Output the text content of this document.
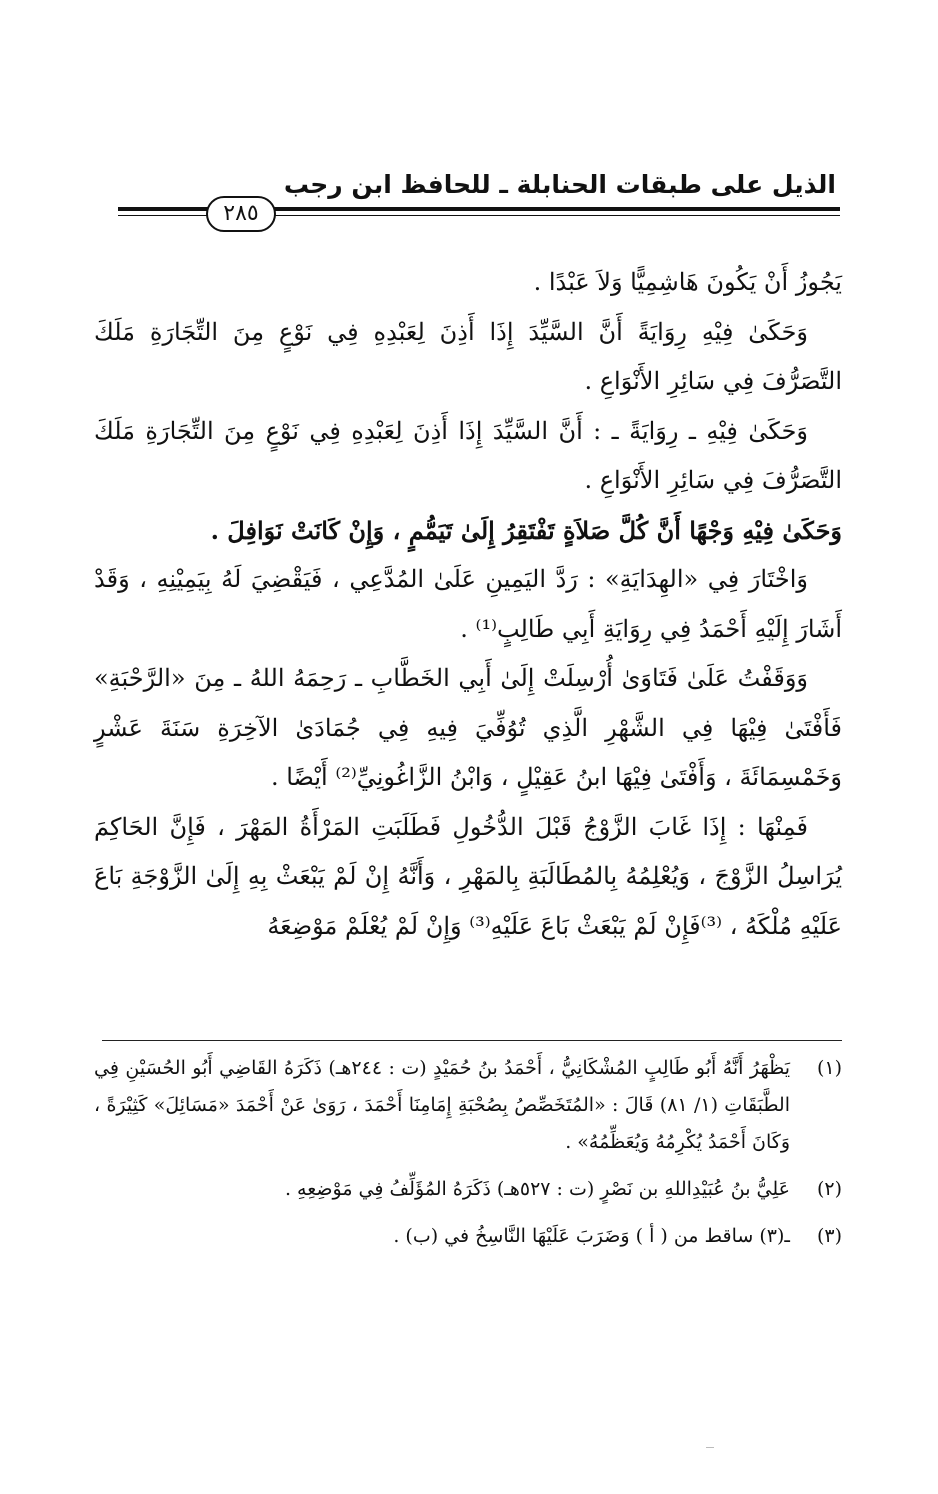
الذيل على طبقات الحنابلة ـ للحافظ ابن رجب
٢٨٥

يَجُوزُ أَنْ يَكُونَ هَاشِمِيًّا وَلاَ عَبْدًا .

وَحَكَىٰ فِيْهِ رِوَايَةً أَنَّ السَّيِّدَ إِذَا أَذِنَ لِعَبْدِهِ فِي نَوْعٍ مِنَ التِّجَارَةِ مَلَكَ التَّصَرُّفَ فِي سَائِرِ الأَنْوَاعِ .

وَحَكَىٰ فِيْهِ ـ رِوَايَةً ـ : أَنَّ السَّيِّدَ إِذَا أَذِنَ لِعَبْدِهِ فِي نَوْعٍ مِنَ التِّجَارَةِ مَلَكَ التَّصَرُّفَ فِي سَائِرِ الأَنْوَاعِ .

وَحَكَىٰ فِيْهِ وَجْهًا أَنَّ كُلَّ صَلاَةٍ تَفْتَقِرُ إِلَىٰ تَيَمُّمٍ ، وَإِنْ كَانَتْ نَوَافِلَ .

وَاخْتَارَ فِي «الهِدَايَةِ» : رَدَّ اليَمِينِ عَلَىٰ المُدَّعِي ، فَيَقْضِيَ لَهُ بِيَمِيْنِهِ ، وَقَدْ أَشَارَ إِلَيْهِ أَحْمَدُ فِي رِوَايَةِ أَبِي طَالِبٍ⁽¹⁾ .

وَوَقَفْتُ عَلَىٰ فَتَاوَىٰ أُرْسِلَتْ إِلَىٰ أَبِي الخَطَّابِ ـ رَحِمَهُ اللهُ ـ مِنَ «الرَّحْبَةِ» فَأَفْتَىٰ فِيْهَا فِي الشَّهْرِ الَّذِي تُوُفِّيَ فِيهِ فِي جُمَادَىٰ الآخِرَةِ سَنَةَ عَشْرٍ وَخَمْسِمَائَةَ ، وَأَفْتَىٰ فِيْهَا ابنُ عَقِيْلٍ ، وَابْنُ الزَّاغُونِيِّ⁽²⁾ أَيْضًا .

فَمِنْهَا : إِذَا غَابَ الزَّوْجُ قَبْلَ الدُّخُولِ فَطَلَبَتِ المَرْأَةُ المَهْرَ ، فَإِنَّ الحَاكِمَ يُرَاسِلُ الزَّوْجَ ، وَيُعْلِمُهُ بِالمُطَالَبَةِ بِالمَهْرِ ، وَأَنَّهُ إِنْ لَمْ يَبْعَثْ بِهِ إِلَىٰ الزَّوْجَةِ بَاعَ عَلَيْهِ مُلْكَهُ ، ⁽³⁾فَإِنْ لَمْ يَبْعَثْ بَاعَ عَلَيْهِ⁽³⁾ وَإِنْ لَمْ يُعْلَمْ مَوْضِعَهُ

(١)
يَظْهَرُ أَنَّهُ أَبُو طَالِبٍ المُشْكَانِيُّ ، أَحْمَدُ بنُ حُمَيْدٍ (ت : ٢٤٤هـ) ذَكَرَهُ القَاضِي أَبُو الحُسَيْنِ فِي الطَّبَقَاتِ (١/ ٨١) قَالَ : «المُتَخَصِّصُ بِصُحْبَةِ إِمَامِنَا أَحْمَدَ ، رَوَىٰ عَنْ أَحْمَدَ «مَسَائِلَ» كَثِيْرَةً ، وَكَانَ أَحْمَدُ يُكْرِمُهُ وَيُعَظِّمُهُ» .
(٢)
عَلِيُّ بنُ عُبَيْدِاللهِ بن نَصْرٍ (ت : ٥٢٧هـ) ذَكَرَهُ المُؤَلِّفُ فِي مَوْضِعِهِ .
(٣)
ـ(٣) ساقط من ( أ ) وَضَرَبَ عَلَيْهَا النَّاسِخُ في (ب) .
